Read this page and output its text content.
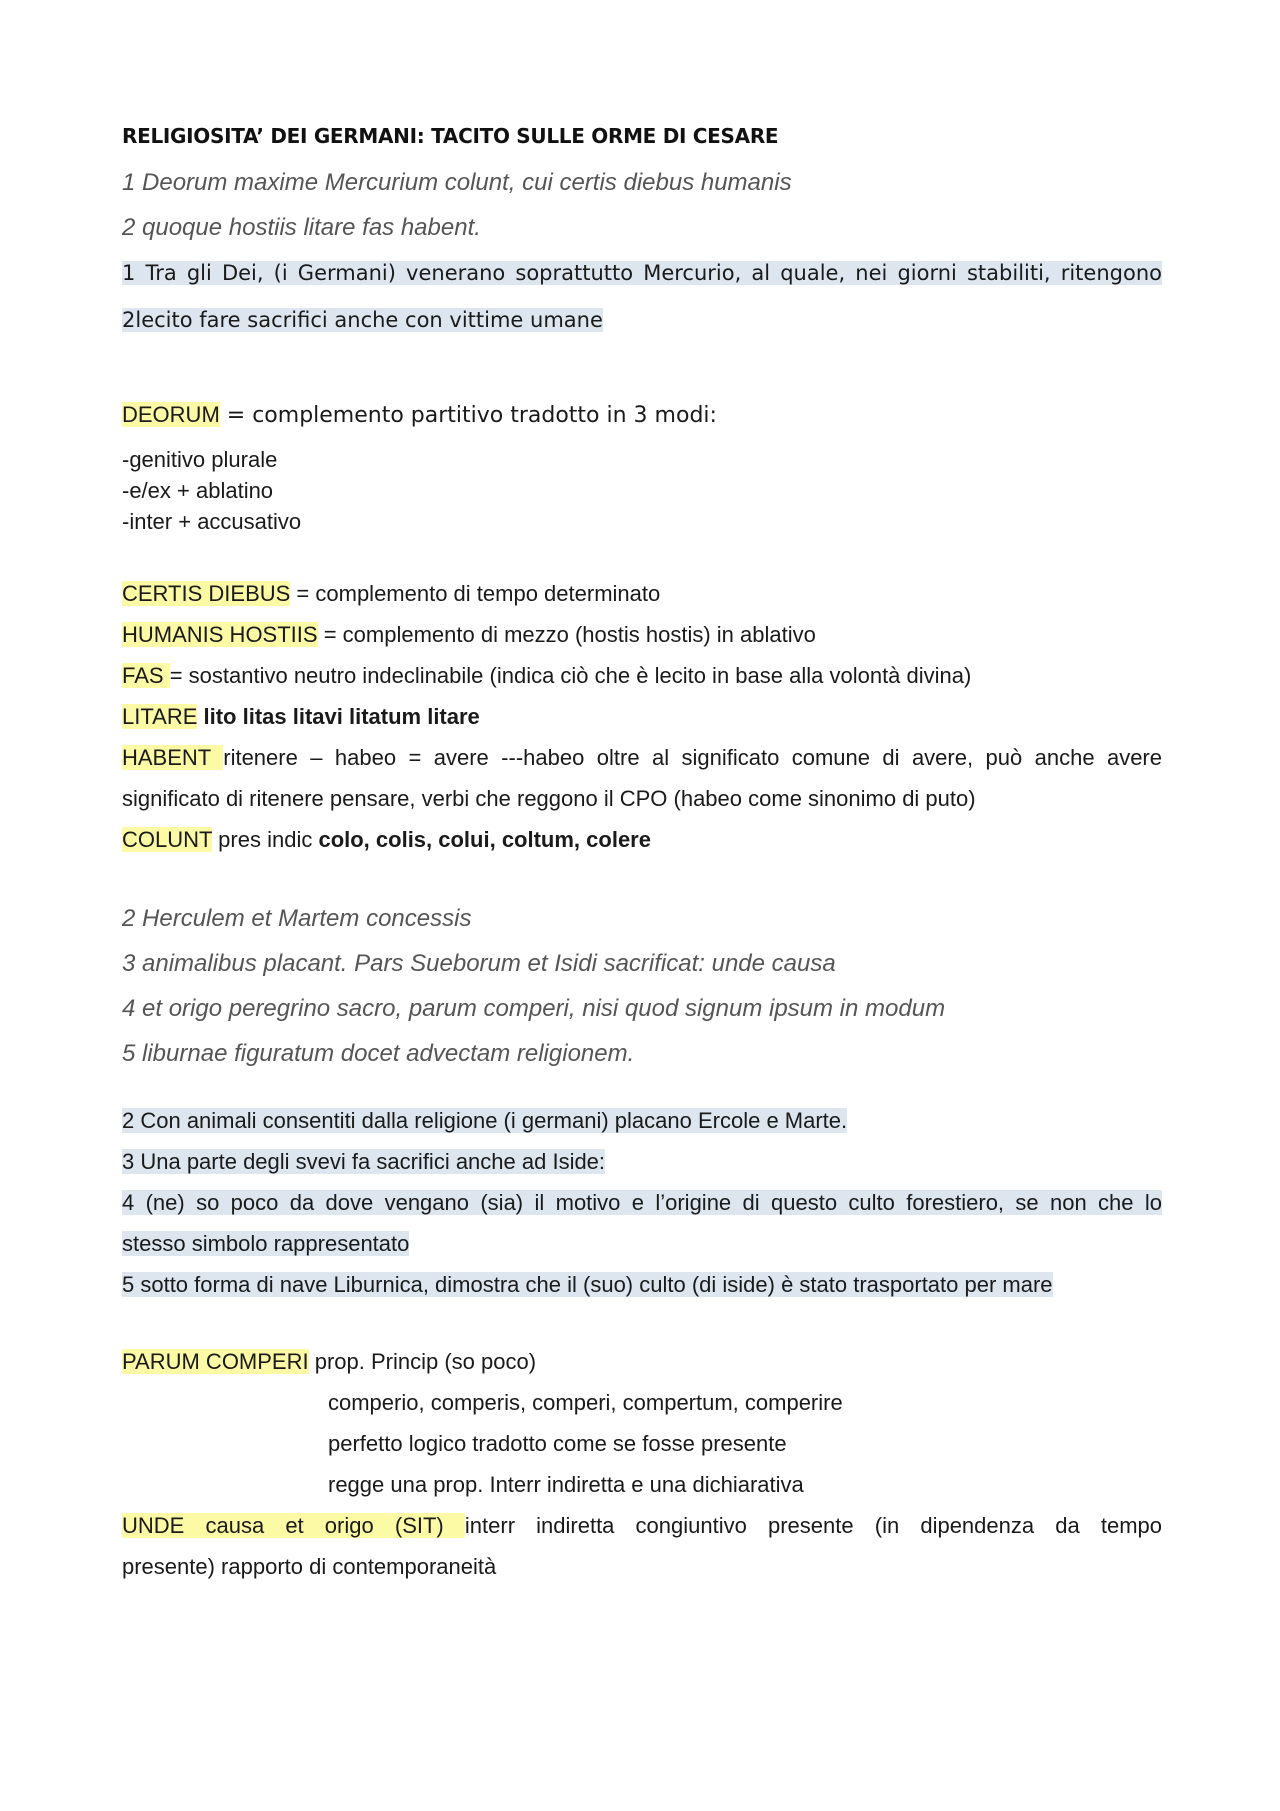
RELIGIOSITA’ DEI GERMANI: TACITO SULLE ORME DI CESARE

1 Deorum maxime Mercurium colunt, cui certis diebus humanis

2 quoque hostiis litare fas habent.

1 Tra gli Dei, (i Germani) venerano soprattutto Mercurio, al quale, nei giorni stabiliti, ritengono

2lecito fare sacrifici anche con vittime umane

DEORUM = complemento partitivo tradotto in 3 modi:

-genitivo plurale

-e/ex + ablatino

-inter + accusativo

CERTIS DIEBUS = complemento di tempo determinato

HUMANIS HOSTIIS = complemento di mezzo (hostis hostis) in ablativo

FAS = sostantivo neutro indeclinabile (indica ciò che è lecito in base alla volontà divina)

LITARE lito litas litavi litatum litare

HABENT ritenere – habeo = avere ---habeo oltre al significato comune di avere, può anche avere

significato di ritenere pensare, verbi che reggono il CPO (habeo come sinonimo di puto)

COLUNT pres indic colo, colis, colui, coltum, colere

2 Herculem et Martem concessis

3 animalibus placant. Pars Sueborum et Isidi sacrificat: unde causa

4 et origo peregrino sacro, parum comperi, nisi quod signum ipsum in modum

5 liburnae figuratum docet advectam religionem.

2 Con animali consentiti dalla religione (i germani) placano Ercole e Marte.

3 Una parte degli svevi fa sacrifici anche ad Iside:

4 (ne) so poco da dove vengano (sia) il motivo e l’origine di questo culto forestiero, se non che lo

stesso simbolo rappresentato

5 sotto forma di nave Liburnica, dimostra che il (suo) culto (di iside) è stato trasportato per mare

PARUM COMPERI prop. Princip (so poco)

comperio, comperis, comperi, compertum, comperire

perfetto logico tradotto come se fosse presente

regge una prop. Interr indiretta e una dichiarativa

UNDE causa et origo (SIT) interr indiretta congiuntivo presente (in dipendenza da tempo

presente) rapporto di contemporaneità
